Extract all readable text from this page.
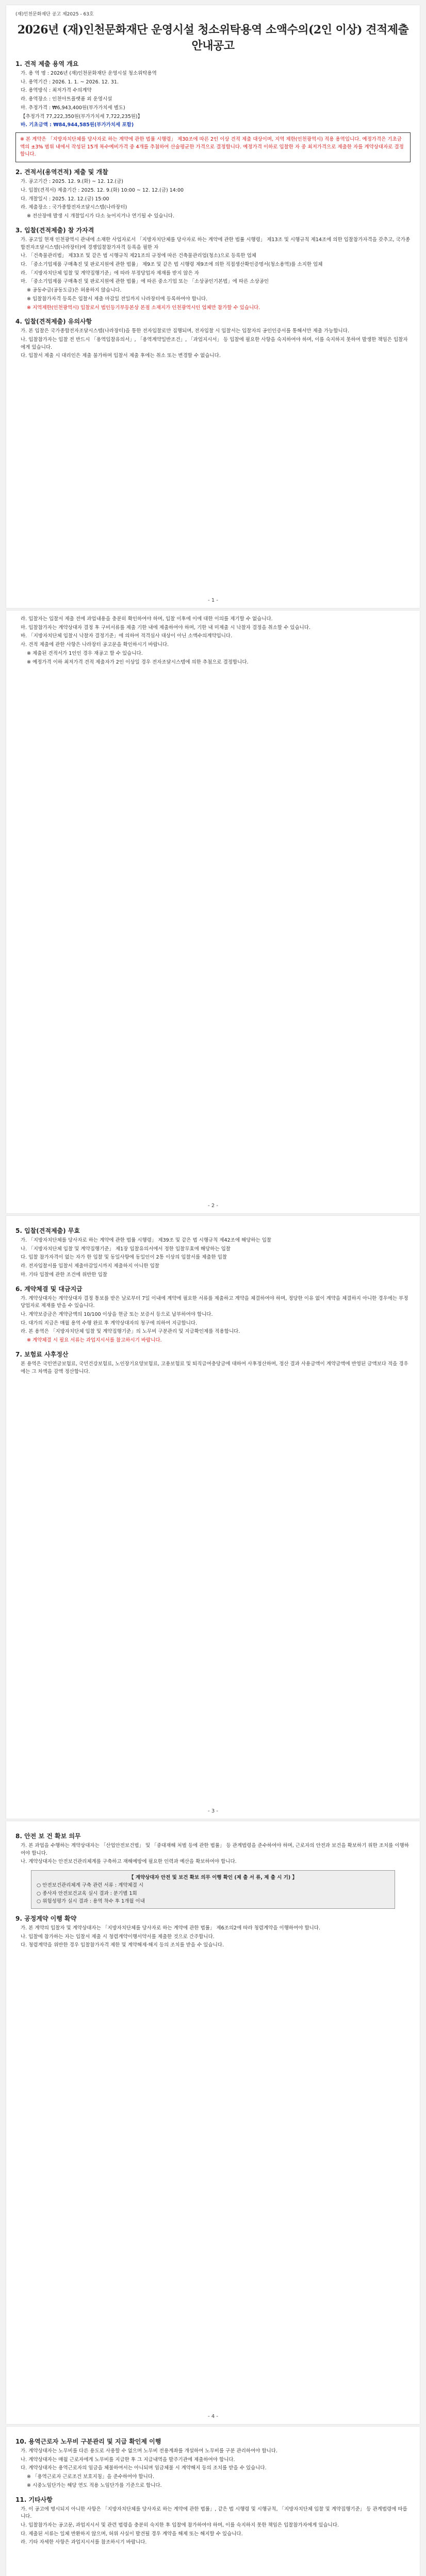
(재)인천문화재단 공고 제2025 - 63호
2026년 (재)인천문화재단 운영시설 청소위탁용역 소액수의(2인 이상) 견적제출 안내공고
1. 견적 제출 용역 개요
가. 용 역 명 : 2026년 (재)인천문화재단 운영시설 청소위탁용역
나. 용역기간 : 2026. 1. 1. ~ 2026. 12. 31.
다. 용역방식 : 최저가격 수의계약
라. 용역장소 : 인천아트플랫폼 외 운영시설
마. 추정가격 : ₩6,943,400원(부가가치세 별도)
【추정가격 77,222,350원(부가가치세 7,722,235원)】
바. 기초금액 : ₩84,944,585원(부가가치세 포함)
※ 본 계약은 「지방자치단체를 당사자로 하는 계약에 관한 법률 시행령」 제30조에 따른 2인 이상 견적 제출 대상이며, 지역 제한(인천광역시) 적용 용역입니다. 예정가격은 기초금액의 ±3% 범위 내에서 작성된 15개 복수예비가격 중 4개를 추첨하여 산술평균한 가격으로 결정합니다. 예정가격 이하로 입찰한 자 중 최저가격으로 제출한 자를 계약상대자로 결정합니다.
2. 견적서(용역견적) 제출 및 개찰
가. 공고기간 : 2025. 12. 9.(화) ~ 12. 12.(금)
나. 입찰(견적서) 제출기간 : 2025. 12. 9.(화) 10:00 ~ 12. 12.(금) 14:00
다. 개찰일시 : 2025. 12. 12.(금) 15:00
라. 제출장소 : 국가종합전자조달시스템(나라장터)
※ 전산장애 발생 시 개찰일시가 다소 늦어지거나 연기될 수 있습니다.
3. 입찰(견적제출) 참 가자격
가. 공고일 현재 인천광역시 관내에 소재한 사업자로서 「지방자치단체를 당사자로 하는 계약에 관한 법률 시행령」 제13조 및 시행규칙 제14조에 의한 입찰참가자격을 갖추고, 국가종합전자조달시스템(나라장터)에 경쟁입찰참가자격 등록을 필한 자
나. 「건축물관리법」 제33조 및 같은 법 시행규칙 제21조의 규정에 따른 건축물관리업(청소)으로 등록한 업체
다. 「중소기업제품 구매촉진 및 판로지원에 관한 법률」 제9조 및 같은 법 시행령 제9조에 의한 직접생산확인증명서(청소용역)를 소지한 업체
라. 「지방자치단체 입찰 및 계약집행기준」에 따라 부정당업자 제재를 받지 않은 자
마. 「중소기업제품 구매촉진 및 판로지원에 관한 법률」에 따른 중소기업 또는 「소상공인기본법」에 따른 소상공인
※ 공동수급(공동도급)은 허용하지 않습니다.
※ 입찰참가자격 등록은 입찰서 제출 마감일 전일까지 나라장터에 등록하여야 합니다.
※ 지역제한(인천광역시) 입찰로서 법인등기부등본상 본점 소재지가 인천광역시인 업체만 참가할 수 있습니다.
4. 입찰(견적제출) 유의사항
가. 본 입찰은 국가종합전자조달시스템(나라장터)을 통한 전자입찰로만 집행되며, 전자입찰 시 입찰서는 입찰자의 공인인증서를 통해서만 제출 가능합니다.
나. 입찰참가자는 입찰 전 반드시 「용역입찰유의서」, 「용역계약일반조건」, 「과업지시서」 등 입찰에 필요한 사항을 숙지하여야 하며, 이를 숙지하지 못하여 발생한 책임은 입찰자에게 있습니다.
다. 입찰서 제출 시 대리인은 제출 불가하며 입찰서 제출 후에는 취소 또는 변경할 수 없습니다.
- 1 -
라. 입찰자는 입찰서 제출 전에 과업내용을 충분히 확인하여야 하며, 입찰 이후에 이에 대한 이의를 제기할 수 없습니다.
마. 입찰참가자는 계약상대자 결정 후 구비서류를 제출 기한 내에 제출하여야 하며, 기한 내 미제출 시 낙찰자 결정을 취소할 수 있습니다.
바. 「지방자치단체 입찰시 낙찰자 결정기준」에 의하여 적격심사 대상이 아닌 소액수의계약입니다.
사. 견적 제출에 관한 사항은 나라장터 공고문을 확인하시기 바랍니다.
※ 제출된 견적서가 1인인 경우 재공고 할 수 있습니다.
※ 예정가격 이하 최저가격 견적 제출자가 2인 이상일 경우 전자조달시스템에 의한 추첨으로 결정합니다.
- 2 -
5. 입찰(견적제출) 무효
가. 「지방자치단체를 당사자로 하는 계약에 관한 법률 시행령」 제39조 및 같은 법 시행규칙 제42조에 해당하는 입찰
나. 「지방자치단체 입찰 및 계약집행기준」 제1장 입찰유의서에서 정한 입찰무효에 해당하는 입찰
다. 입찰 참가자격이 없는 자가 한 입찰 및 동일사항에 동일인이 2통 이상의 입찰서를 제출한 입찰
라. 전자입찰서를 입찰서 제출마감일시까지 제출하지 아니한 입찰
마. 기타 입찰에 관한 조건에 위반한 입찰
6. 계약체결 및 대금지급
가. 계약상대자는 계약상대자 결정 통보를 받은 날로부터 7일 이내에 계약에 필요한 서류를 제출하고 계약을 체결하여야 하며, 정당한 이유 없이 계약을 체결하지 아니한 경우에는 부정당업자로 제재를 받을 수 있습니다.
나. 계약보증금은 계약금액의 10/100 이상을 현금 또는 보증서 등으로 납부하여야 합니다.
다. 대가의 지급은 매월 용역 수행 완료 후 계약상대자의 청구에 의하여 지급합니다.
라. 본 용역은 「지방자치단체 입찰 및 계약집행기준」의 노무비 구분관리 및 지급확인제를 적용합니다.
※ 계약체결 시 필요 서류는 과업지시서를 참고하시기 바랍니다.
7. 보험료 사후정산
본 용역은 국민연금보험료, 국민건강보험료, 노인장기요양보험료, 고용보험료 및 퇴직급여충당금에 대하여 사후정산하며, 정산 결과 사용금액이 계약금액에 반영된 금액보다 적을 경우에는 그 차액을 감액 정산합니다.
- 3 -
8. 안전 보 건 확보 의무
가. 본 과업을 수행하는 계약상대자는 「산업안전보건법」 및 「중대재해 처벌 등에 관한 법률」 등 관계법령을 준수하여야 하며, 근로자의 안전과 보건을 확보하기 위한 조치를 이행하여야 합니다.
나. 계약상대자는 안전보건관리체계를 구축하고 재해예방에 필요한 인력과 예산을 확보하여야 합니다.
【 계약상대자 안전 및 보건 확보 의무 이행 확인 (제 출 서 류, 제 출 시 기) 】
○ 안전보건관리체계 구축 관련 서류 : 계약체결 시
○ 종사자 안전보건교육 실시 결과 : 분기별 1회
○ 위험성평가 실시 결과 : 용역 착수 후 1개월 이내
9. 공정계약 이행 확약
가. 본 계약의 입찰자 및 계약상대자는 「지방자치단체를 당사자로 하는 계약에 관한 법률」 제6조의2에 따라 청렴계약을 이행하여야 합니다.
나. 입찰에 참가하는 자는 입찰서 제출 시 청렴계약이행서약서를 제출한 것으로 간주합니다.
다. 청렴계약을 위반한 경우 입찰참가자격 제한 및 계약해제·해지 등의 조치를 받을 수 있습니다.
- 4 -
10. 용역근로자 노무비 구분관리 및 지급 확인제 이행
가. 계약상대자는 노무비를 다른 용도로 사용할 수 없으며 노무비 전용계좌를 개설하여 노무비를 구분 관리하여야 합니다.
나. 계약상대자는 매월 근로자에게 노무비를 지급한 후 그 지급내역을 발주기관에 제출하여야 합니다.
다. 계약상대자는 용역근로자의 임금을 체불하여서는 아니되며 임금체불 시 계약해지 등의 조치를 받을 수 있습니다.
※ 「용역근로자 근로조건 보호지침」을 준수하여야 합니다.
※ 시중노임단가는 해당 연도 적용 노임단가를 기준으로 합니다.
11. 기타사항
가. 이 공고에 명시되지 아니한 사항은 「지방자치단체를 당사자로 하는 계약에 관한 법률」, 같은 법 시행령 및 시행규칙, 「지방자치단체 입찰 및 계약집행기준」 등 관계법령에 따릅니다.
나. 입찰참가자는 공고문, 과업지시서 및 관련 법령을 충분히 숙지한 후 입찰에 참가하여야 하며, 이를 숙지하지 못한 책임은 입찰참가자에게 있습니다.
다. 제출된 서류는 일체 반환하지 않으며, 허위 사실이 발견될 경우 계약을 해제 또는 해지할 수 있습니다.
라. 기타 자세한 사항은 과업지시서를 참조하시기 바랍니다.
